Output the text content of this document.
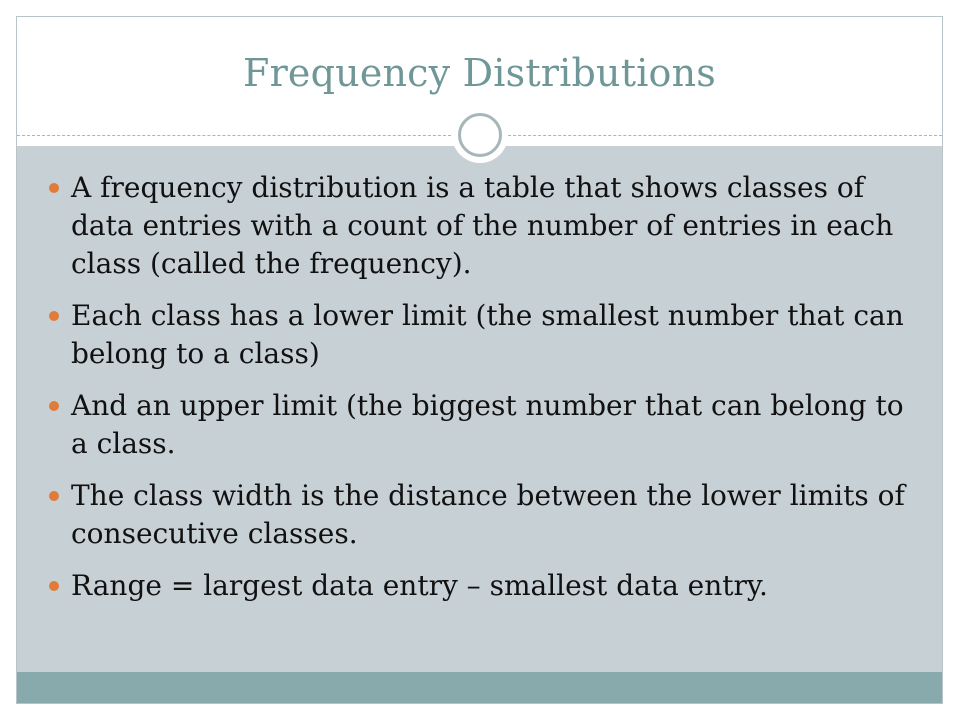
Frequency Distributions
A frequency distribution is a table that shows classes of data entries with a count of the number of entries in each class (called the frequency).
Each class has a lower limit (the smallest number that can belong to a class)
And an upper limit (the biggest number that can belong to a class.
The class width is the distance between the lower limits of consecutive classes.
Range = largest data entry – smallest data entry.
